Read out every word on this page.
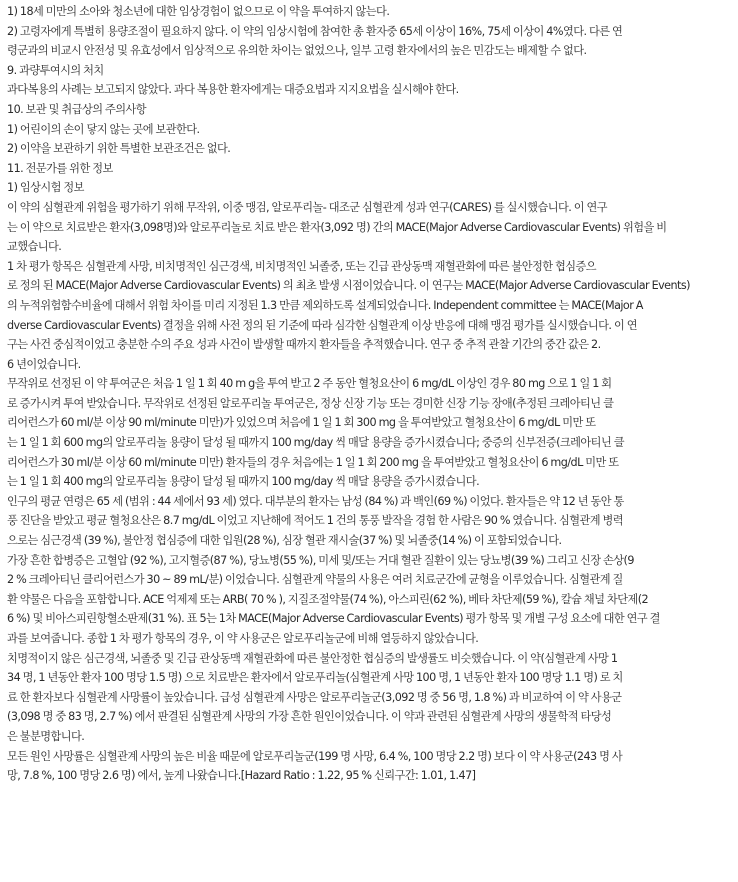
1) 18세 미만의 소아와 청소년에 대한 임상경험이 없으므로 이 약을 투여하지 않는다.
2) 고령자에게 특별히 용량조절이 필요하지 않다. 이 약의 임상시험에 참여한 총 환자중 65세 이상이 16%, 75세 이상이 4%였다. 다른 연
령군과의 비교시 안전성 및 유효성에서 임상적으로 유의한 차이는 없었으나, 일부 고령 환자에서의 높은 민감도는 배제할 수 없다.
9. 과량투여시의 처치
과다복용의 사례는 보고되지 않았다. 과다 복용한 환자에게는 대증요법과 지지요법을 실시해야 한다.
10. 보관 및 취급상의 주의사항
1) 어린이의 손이 닿지 않는 곳에 보관한다.
2) 이약을 보관하기 위한 특별한 보관조건은 없다.
11. 전문가를 위한 정보
1) 임상시험 정보
이 약의 심혈관계 위험을 평가하기 위해 무작위, 이중 맹검, 알로푸리놀- 대조군 심혈관계 성과 연구(CARES) 를 실시했습니다. 이 연구
는 이 약으로 치료받은 환자(3,098명)와 알로푸리놀로 치료 받은 환자(3,092 명) 간의 MACE(Major Adverse Cardiovascular Events) 위험을 비
교했습니다.
1 차 평가 항목은 심혈관계 사망, 비치명적인 심근경색, 비치명적인 뇌졸중, 또는 긴급 관상동맥 재혈관화에 따른 불안정한 협심증으
로 정의 된 MACE(Major Adverse Cardiovascular Events) 의 최초 발생 시점이었습니다. 이 연구는 MACE(Major Adverse Cardiovascular Events)
의 누적위험함수비율에 대해서 위험 차이를 미리 지정된 1.3 만큼 제외하도록 설계되었습니다. Independent committee 는 MACE(Major A
dverse Cardiovascular Events) 결정을 위해 사전 정의 된 기준에 따라 심각한 심혈관계 이상 반응에 대해 맹검 평가를 실시했습니다. 이 연
구는 사건 중심적이었고 충분한 수의 주요 성과 사건이 발생할 때까지 환자들을 추적했습니다. 연구 중 추적 관찰 기간의 중간 값은 2.
6 년이었습니다.
무작위로 선정된 이 약 투여군은 처음 1 일 1 회 40 m g을 투여 받고 2 주 동안 혈청요산이 6 mg/dL 이상인 경우 80 mg 으로 1 일 1 회
로 증가시켜 투여 받았습니다. 무작위로 선정된 알로푸리놀 투여군은, 정상 신장 기능 또는 경미한 신장 기능 장애(추정된 크레아티닌 클
리어런스가 60 ml/분 이상 90 ml/minute 미만)가 있었으며 처음에 1 일 1 회 300 mg 을 투여받았고 혈청요산이 6 mg/dL 미만 또
는 1 일 1 회 600 mg의 알로푸리놀 용량이 달성 될 때까지 100 mg/day 씩 매달 용량을 증가시켰습니다; 중증의 신부전증(크레아티닌 클
리어런스가 30 ml/분 이상 60 ml/minute 미만) 환자들의 경우 처음에는 1 일 1 회 200 mg 을 투여받았고 혈청요산이 6 mg/dL 미만 또
는 1 일 1 회 400 mg의 알로푸리놀 용량이 달성 될 때까지 100 mg/day 씩 매달 용량을 증가시켰습니다.
인구의 평균 연령은 65 세 (범위 : 44 세에서 93 세) 였다. 대부분의 환자는 남성 (84 %) 과 백인(69 %) 이었다. 환자들은 약 12 년 동안 통
풍 진단을 받았고 평균 혈청요산은 8.7 mg/dL 이었고 지난해에 적어도 1 건의 통풍 발작을 경험 한 사람은 90 % 였습니다. 심혈관계 병력
으로는 심근경색 (39 %), 불안정 협심증에 대한 입원(28 %), 심장 혈관 재시술(37 %) 및 뇌졸중(14 %) 이 포함되었습니다.
가장 흔한 합병증은 고혈압 (92 %), 고지혈증(87 %), 당뇨병(55 %), 미세 및/또는 거대 혈관 질환이 있는 당뇨병(39 %) 그리고 신장 손상(9
2 % 크레아티닌 클리어런스가 30 ~ 89 mL/분) 이었습니다. 심혈관계 약물의 사용은 여러 치료군간에 균형을 이루었습니다. 심혈관계 질
환 약물은 다음을 포함합니다. ACE 억제제 또는 ARB( 70 % ), 지질조절약물(74 %), 아스피린(62 %), 베타 차단제(59 %), 칼슘 채널 차단제(2
6 %) 및 비아스피린항혈소판제(31 %). 표 5는 1차 MACE(Major Adverse Cardiovascular Events) 평가 항목 및 개별 구성 요소에 대한 연구 결
과를 보여줍니다. 종합 1 차 평가 항목의 경우, 이 약 사용군은 알로푸리놀군에 비해 열등하지 않았습니다.
치명적이지 않은 심근경색, 뇌졸중 및 긴급 관상동맥 재혈관화에 따른 불안정한 협심증의 발생률도 비슷했습니다. 이 약(심혈관계 사망 1
34 명, 1 년동안 환자 100 명당 1.5 명) 으로 치료받은 환자에서 알로푸리놀(심혈관계 사망 100 명, 1 년동안 환자 100 명당 1.1 명) 로 치
료 한 환자보다 심혈관계 사망률이 높았습니다. 급성 심혈관계 사망은 알로푸리놀군(3,092 명 중 56 명, 1.8 %) 과 비교하여 이 약 사용군
(3,098 명 중 83 명, 2.7 %) 에서 판결된 심혈관계 사망의 가장 흔한 원인이었습니다. 이 약과 관련된 심혈관계 사망의 생물학적 타당성
은 불분명합니다.
모든 원인 사망률은 심혈관계 사망의 높은 비율 때문에 알로푸리놀군(199 명 사망, 6.4 %, 100 명당 2.2 명) 보다 이 약 사용군(243 명 사
망, 7.8 %, 100 명당 2.6 명) 에서, 높게 나왔습니다.[Hazard Ratio : 1.22, 95 % 신뢰구간: 1.01, 1.47]
